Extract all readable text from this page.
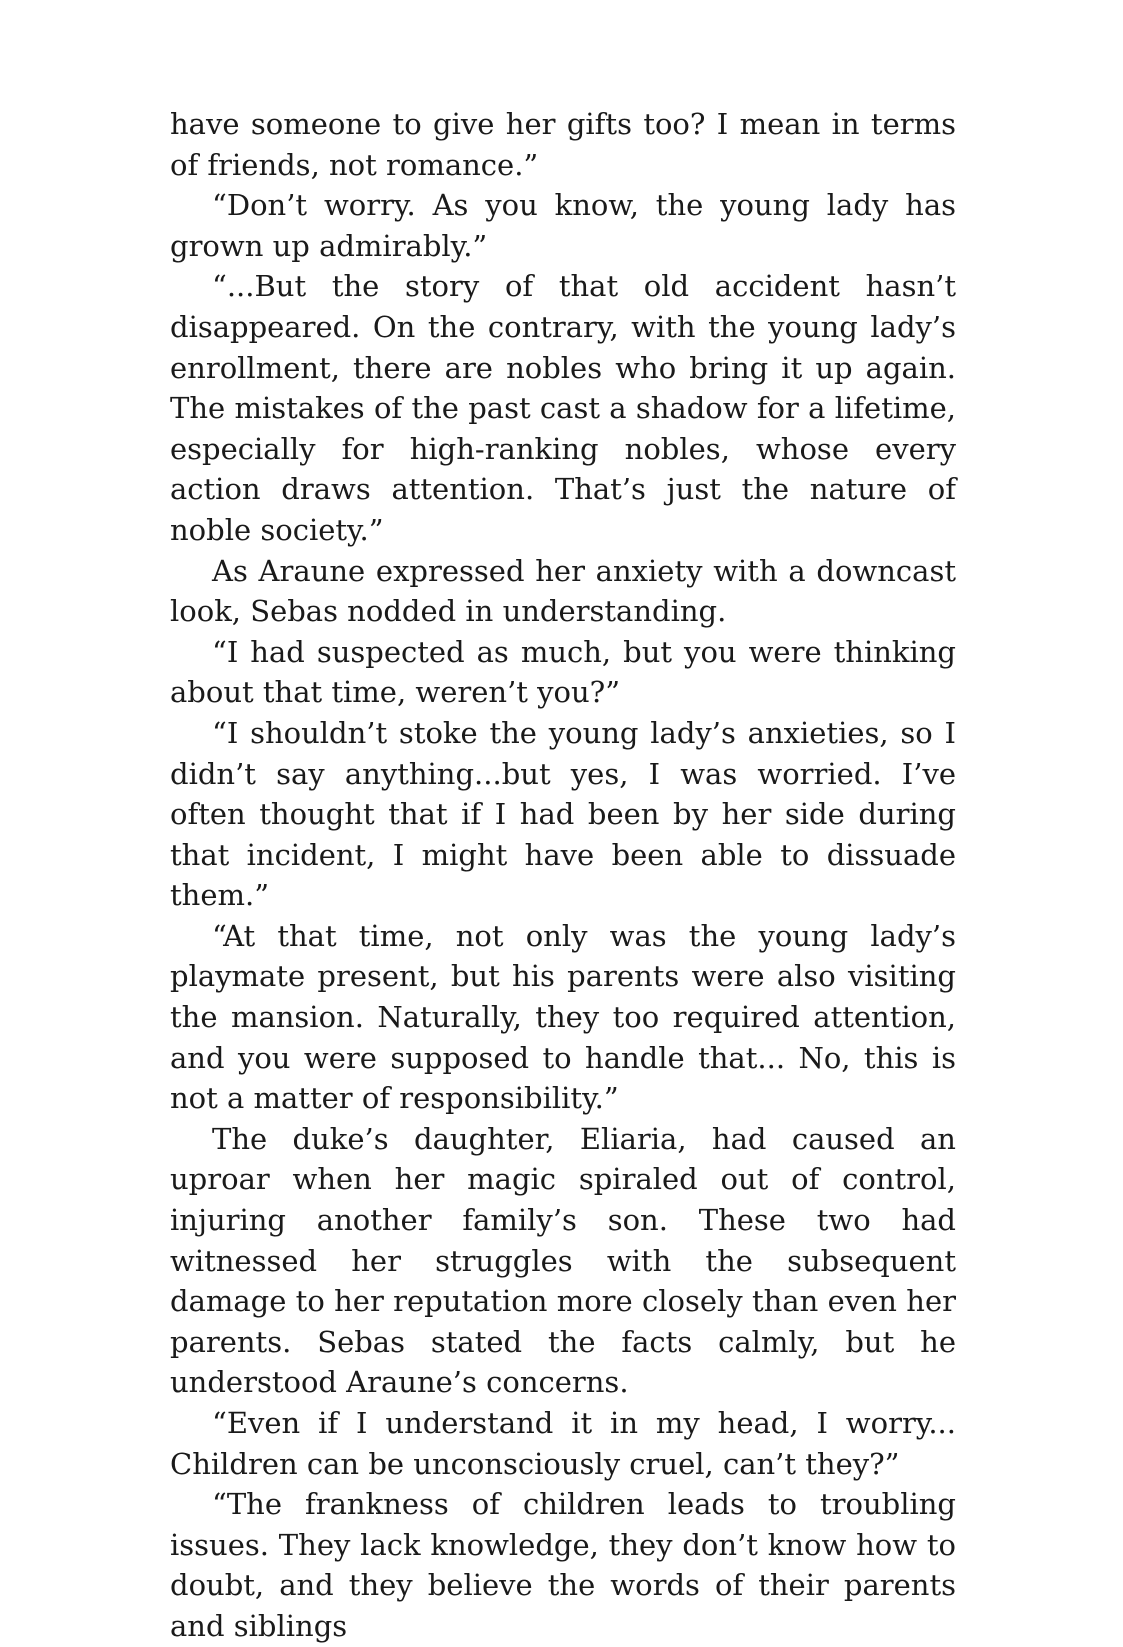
have someone to give her gifts too? I mean in terms of friends, not romance.”

“Don’t worry. As you know, the young lady has grown up admirably.”

“...But the story of that old accident hasn’t disappeared. On the contrary, with the young lady’s enrollment, there are nobles who bring it up again. The mistakes of the past cast a shadow for a lifetime, especially for high-ranking nobles, whose every action draws attention. That’s just the nature of noble society.”

As Araune expressed her anxiety with a downcast look, Sebas nodded in understanding.

“I had suspected as much, but you were thinking about that time, weren’t you?”

“I shouldn’t stoke the young lady’s anxieties, so I didn’t say anything...but yes, I was worried. I’ve often thought that if I had been by her side during that incident, I might have been able to dissuade them.”

“At that time, not only was the young lady’s playmate present, but his parents were also visiting the mansion. Naturally, they too required attention, and you were supposed to handle that... No, this is not a matter of responsibility.”

The duke’s daughter, Eliaria, had caused an uproar when her magic spiraled out of control, injuring another family’s son. These two had witnessed her struggles with the subsequent damage to her reputation more closely than even her parents. Sebas stated the facts calmly, but he understood Araune’s concerns.

“Even if I understand it in my head, I worry... Children can be unconsciously cruel, can’t they?”

“The frankness of children leads to troubling issues. They lack knowledge, they don’t know how to doubt, and they believe the words of their parents and siblings
